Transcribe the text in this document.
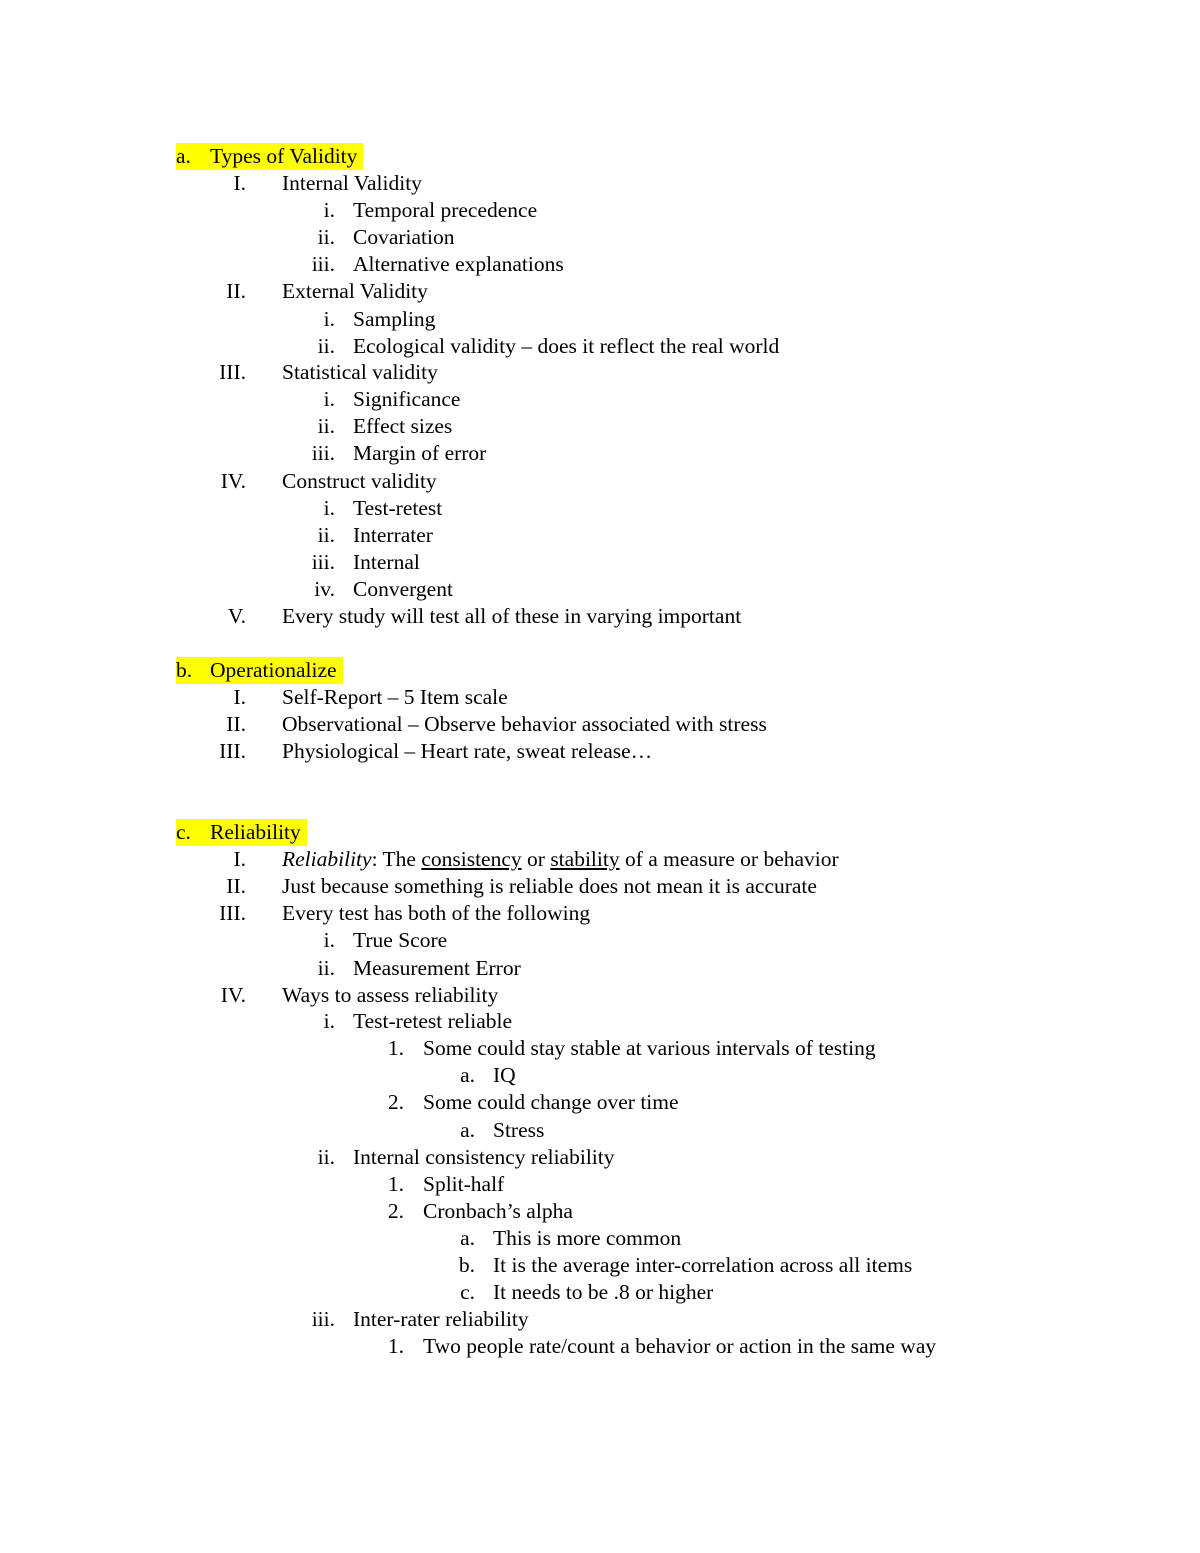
a. Types of Validity
I. Internal Validity
i. Temporal precedence
ii. Covariation
iii. Alternative explanations
II. External Validity
i. Sampling
ii. Ecological validity – does it reflect the real world
III. Statistical validity
i. Significance
ii. Effect sizes
iii. Margin of error
IV. Construct validity
i. Test-retest
ii. Interrater
iii. Internal
iv. Convergent
V. Every study will test all of these in varying important
b. Operationalize
I. Self-Report – 5 Item scale
II. Observational – Observe behavior associated with stress
III. Physiological – Heart rate, sweat release…
c. Reliability
I. Reliability: The consistency or stability of a measure or behavior
II. Just because something is reliable does not mean it is accurate
III. Every test has both of the following
i. True Score
ii. Measurement Error
IV. Ways to assess reliability
i. Test-retest reliable
1. Some could stay stable at various intervals of testing
a. IQ
2. Some could change over time
a. Stress
ii. Internal consistency reliability
1. Split-half
2. Cronbach’s alpha
a. This is more common
b. It is the average inter-correlation across all items
c. It needs to be .8 or higher
iii. Inter-rater reliability
1. Two people rate/count a behavior or action in the same way
